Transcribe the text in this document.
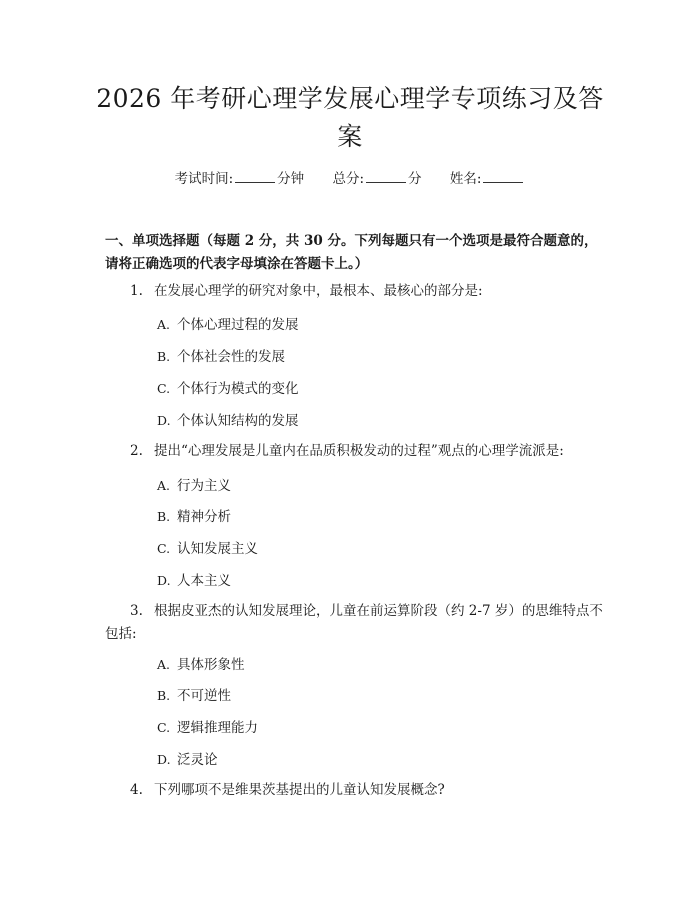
2026 年考研心理学发展心理学专项练习及答
案
考试时间:	分钟 总分:	分 姓名:
一、单项选择题（每题 2 分，共 30 分。下列每题只有一个选项是最符合题意的，请将正确选项的代表字母填涂在答题卡上。）
1. 在发展心理学的研究对象中，最根本、最核心的部分是:
A. 个体心理过程的发展
B. 个体社会性的发展
C. 个体行为模式的变化
D. 个体认知结构的发展
2. 提出“心理发展是儿童内在品质积极发动的过程”观点的心理学流派是:
A. 行为主义
B. 精神分析
C. 认知发展主义
D. 人本主义
3. 根据皮亚杰的认知发展理论，儿童在前运算阶段（约 2-7 岁）的思维特点不包括:
A. 具体形象性
B. 不可逆性
C. 逻辑推理能力
D. 泛灵论
4. 下列哪项不是维果茨基提出的儿童认知发展概念?
